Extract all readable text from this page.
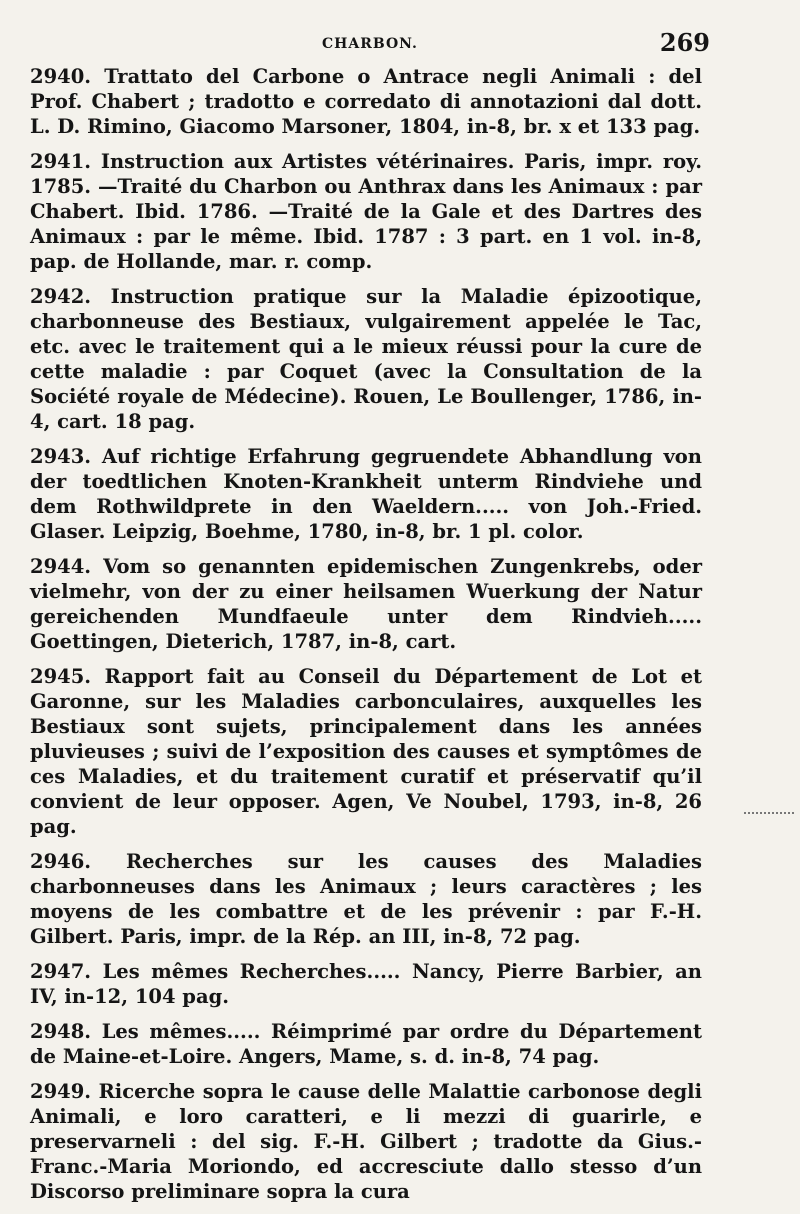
CHARBON.	269

2940. Trattato del Carbone o Antrace negli Animali : del Prof. Chabert ; tradotto e corredato di annotazioni dal dott. L. D. Rimino, Giacomo Marsoner, 1804, in-8, br. x et 133 pag.

2941. Instruction aux Artistes vétérinaires. Paris, impr. roy. 1785. —Traité du Charbon ou Anthrax dans les Animaux : par Chabert. Ibid. 1786. —Traité de la Gale et des Dartres des Animaux : par le même. Ibid. 1787 : 3 part. en 1 vol. in-8, pap. de Hollande, mar. r. comp.

2942. Instruction pratique sur la Maladie épizootique, charbonneuse des Bestiaux, vulgairement appelée le Tac, etc. avec le traitement qui a le mieux réussi pour la cure de cette maladie : par Coquet (avec la Consultation de la Société royale de Médecine). Rouen, Le Boullenger, 1786, in-4, cart. 18 pag.

2943. Auf richtige Erfahrung gegruendete Abhandlung von der toedtlichen Knoten-Krankheit unterm Rindviehe und dem Rothwildprete in den Waeldern..... von Joh.-Fried. Glaser. Leipzig, Boehme, 1780, in-8, br. 1 pl. color.

2944. Vom so genannten epidemischen Zungenkrebs, oder vielmehr, von der zu einer heilsamen Wuerkung der Natur gereichenden Mundfaeule unter dem Rindvieh..... Goettingen, Dieterich, 1787, in-8, cart.

2945. Rapport fait au Conseil du Département de Lot et Garonne, sur les Maladies carbonculaires, auxquelles les Bestiaux sont sujets, principalement dans les années pluvieuses ; suivi de l’exposition des causes et symptômes de ces Maladies, et du traitement curatif et préservatif qu’il convient de leur opposer. Agen, Ve Noubel, 1793, in-8, 26 pag.

2946. Recherches sur les causes des Maladies charbonneuses dans les Animaux ; leurs caractères ; les moyens de les combattre et de les prévenir : par F.-H. Gilbert. Paris, impr. de la Rép. an III, in-8, 72 pag.

2947. Les mêmes Recherches..... Nancy, Pierre Barbier, an IV, in-12, 104 pag.

2948. Les mêmes..... Réimprimé par ordre du Département de Maine-et-Loire. Angers, Mame, s. d. in-8, 74 pag.

2949. Ricerche sopra le cause delle Malattie carbonose degli Animali, e loro caratteri, e li mezzi di guarirle, e preservarneli : del sig. F.-H. Gilbert ; tradotte da Gius.-Franc.-Maria Moriondo, ed accresciute dallo stesso d’un Discorso preliminare sopra la cura
